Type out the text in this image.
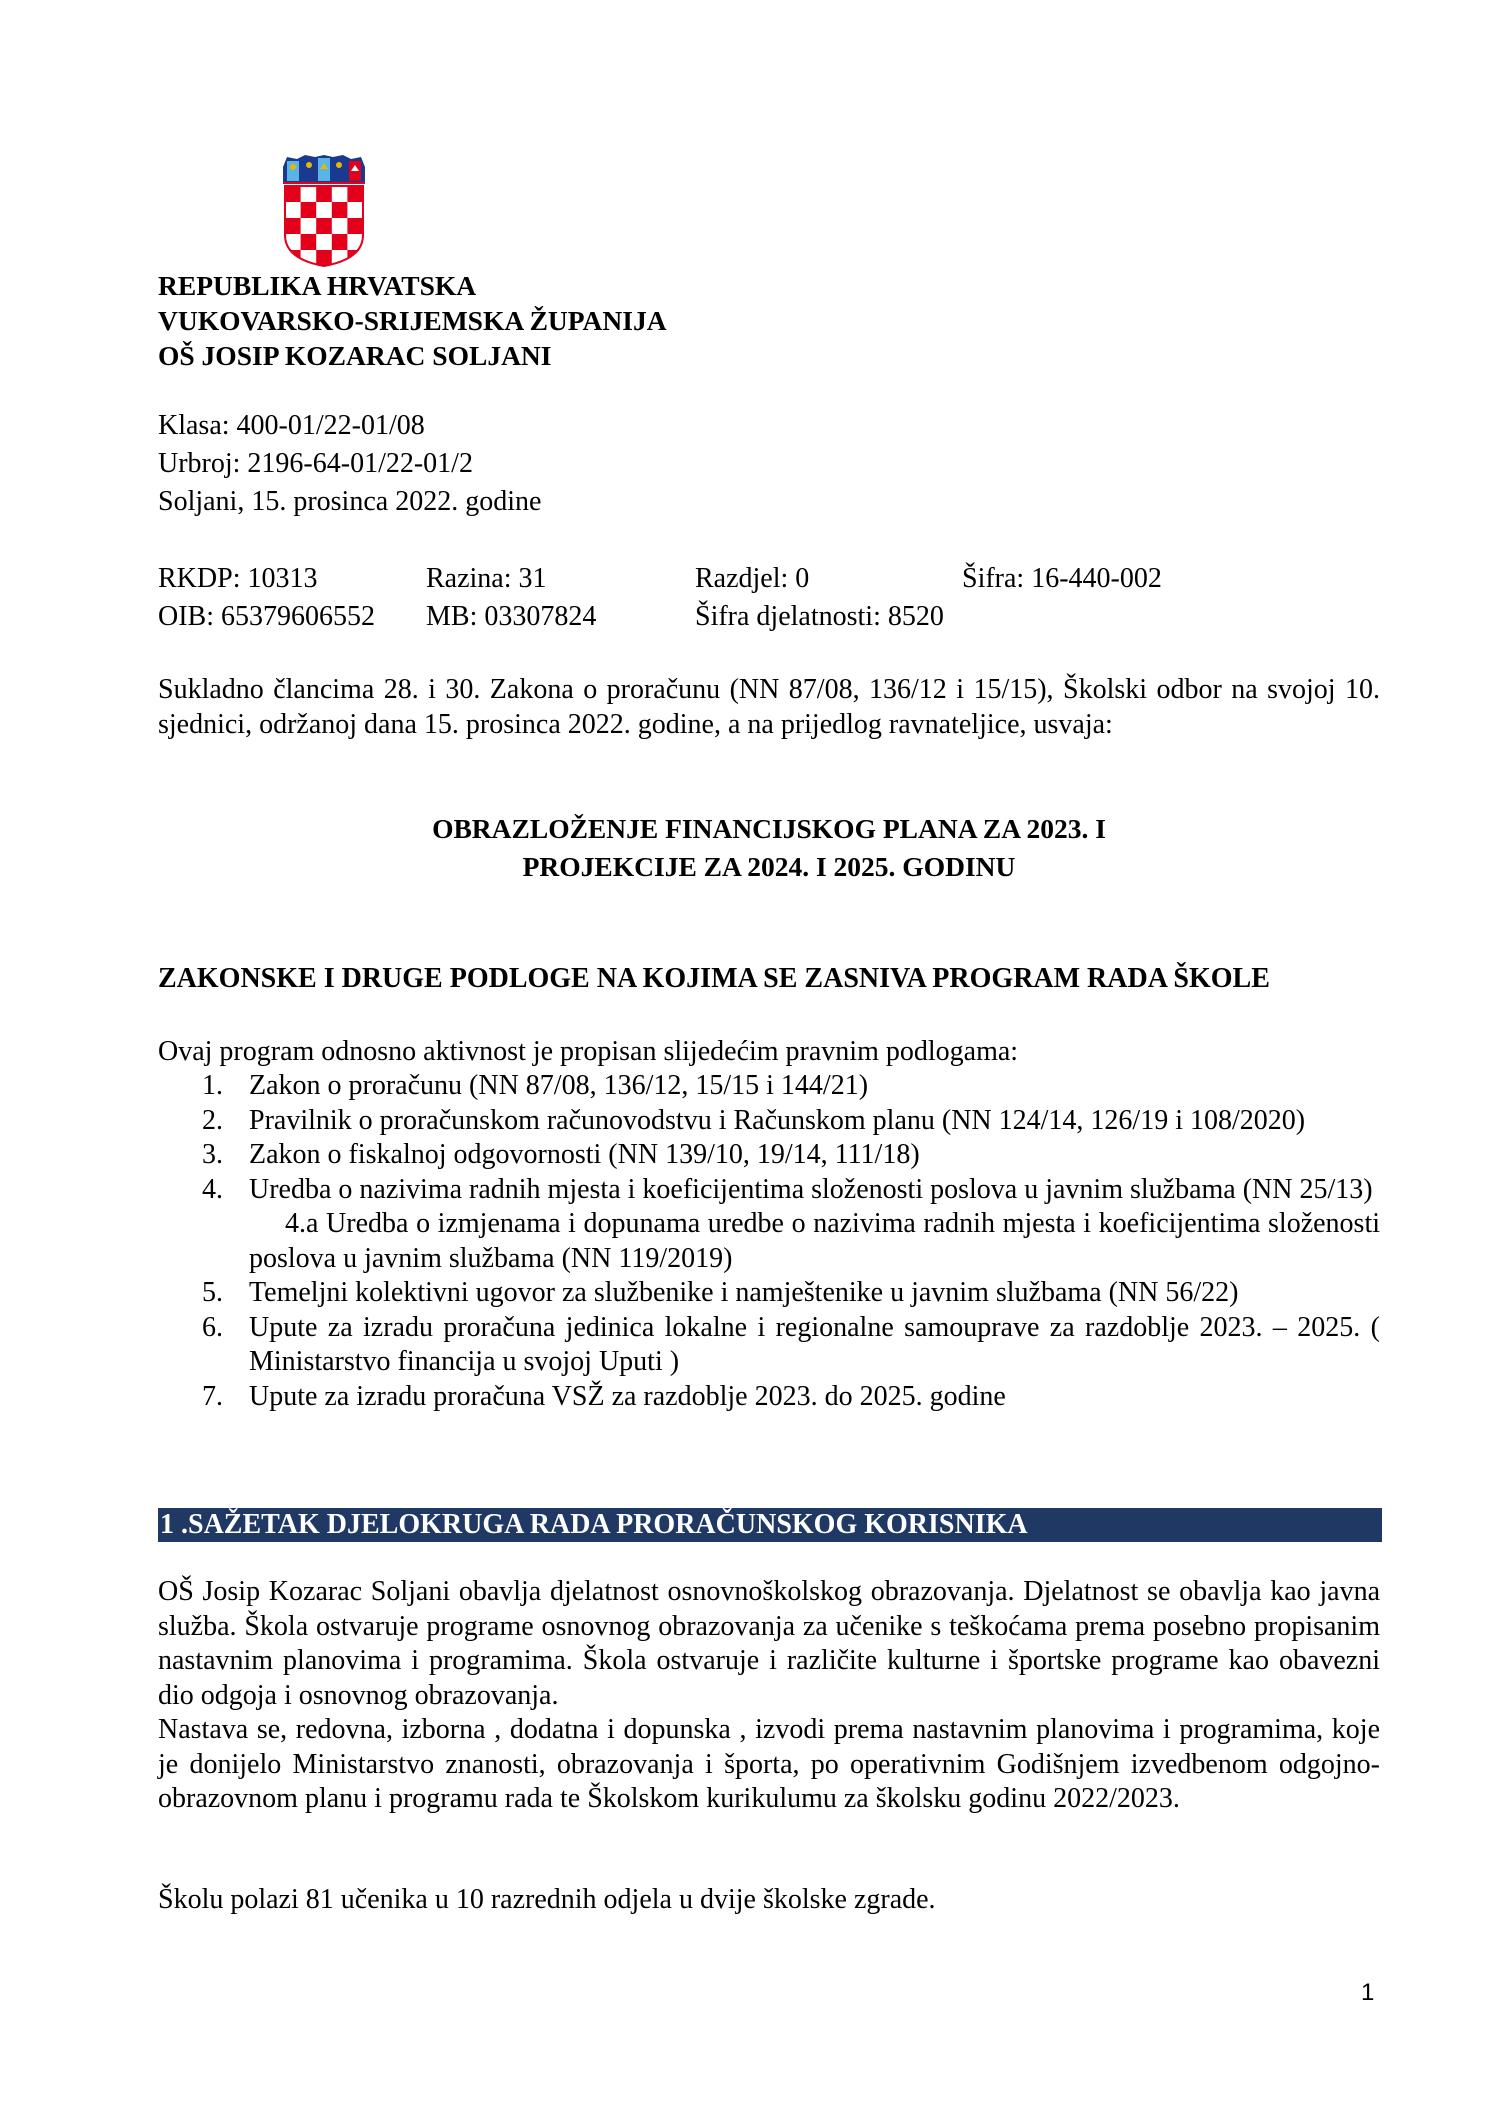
REPUBLIKA HRVATSKA
VUKOVARSKO-SRIJEMSKA ŽUPANIJA
OŠ JOSIP KOZARAC SOLJANI
Klasa: 400-01/22-01/08
Urbroj: 2196-64-01/22-01/2
Soljani, 15. prosinca 2022. godine
RKDP: 10313	Razina: 31	Razdjel: 0	Šifra: 16-440-002
OIB: 65379606552 MB: 03307824	Šifra djelatnosti: 8520
Sukladno člancima 28. i 30. Zakona o proračunu (NN 87/08, 136/12 i 15/15), Školski odbor na svojoj 10. sjednici, održanoj dana 15. prosinca 2022. godine, a na prijedlog ravnateljice, usvaja:
OBRAZLOŽENJE FINANCIJSKOG PLANA ZA 2023. I
PROJEKCIJE ZA 2024. I 2025. GODINU
ZAKONSKE I DRUGE PODLOGE NA KOJIMA SE ZASNIVA PROGRAM RADA ŠKOLE
Ovaj program odnosno aktivnost je propisan slijedećim pravnim podlogama:
1. Zakon o proračunu (NN 87/08, 136/12, 15/15 i 144/21)
2. Pravilnik o proračunskom računovodstvu i Računskom planu (NN 124/14, 126/19 i 108/2020)
3. Zakon o fiskalnoj odgovornosti (NN 139/10, 19/14, 111/18)
4. Uredba o nazivima radnih mjesta i koeficijentima složenosti poslova u javnim službama (NN 25/13)
4.a Uredba o izmjenama i dopunama uredbe o nazivima radnih mjesta i koeficijentima složenosti poslova u javnim službama (NN 119/2019)
5. Temeljni kolektivni ugovor za službenike i namještenike u javnim službama (NN 56/22)
6. Upute za izradu proračuna jedinica lokalne i regionalne samouprave za razdoblje 2023. – 2025. ( Ministarstvo financija u svojoj Uputi )
7. Upute za izradu proračuna VSŽ za razdoblje 2023. do 2025. godine
1 .SAŽETAK DJELOKRUGA RADA PRORAČUNSKOG KORISNIKA
OŠ Josip Kozarac Soljani obavlja djelatnost osnovnoškolskog obrazovanja. Djelatnost se obavlja kao javna služba. Škola ostvaruje programe osnovnog obrazovanja za učenike s teškoćama prema posebno propisanim nastavnim planovima i programima. Škola ostvaruje i različite kulturne i športske programe kao obavezni dio odgoja i osnovnog obrazovanja.
Nastava se, redovna, izborna , dodatna i dopunska , izvodi prema nastavnim planovima i programima, koje je donijelo Ministarstvo znanosti, obrazovanja i športa, po operativnim Godišnjem izvedbenom odgojno- obrazovnom planu i programu rada te Školskom kurikulumu za školsku godinu 2022/2023.
Školu polazi 81 učenika u 10 razrednih odjela u dvije školske zgrade.
1
